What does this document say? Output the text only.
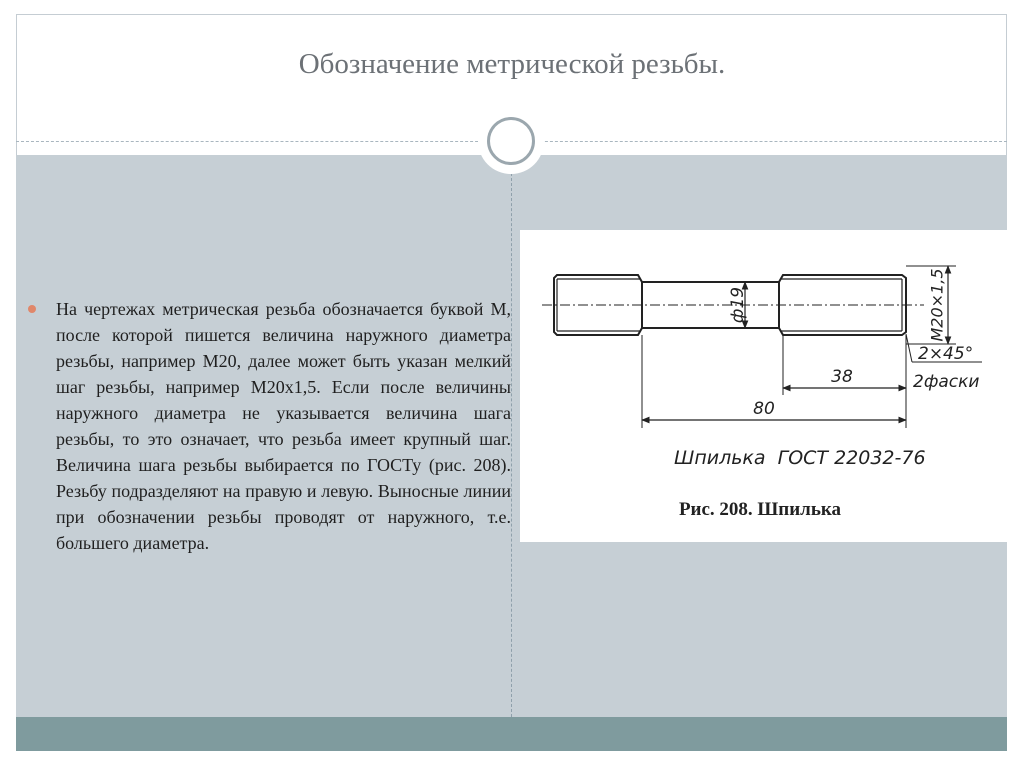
Обозначение метрической резьбы.

На чертежах метрическая резьба обозначается буквой М, после которой пишется величина наружного диаметра резьбы, например М20, далее может быть указан мелкий шаг резьбы, например М20х1,5. Если после величины наружного диаметра не указывается величина шага резьбы, то это означает, что резьба имеет крупный шаг. Величина шага резьбы выбирается по ГОСТу (рис. 208). Резьбу подразделяют на правую и левую. Выносные линии при обозначении резьбы проводят от наружного, т.е. большего диаметра.

ф19	M20×1,5
2×45°
38	2фаски
80
Шпилька  ГОСТ 22032-76
Рис. 208. Шпилька
